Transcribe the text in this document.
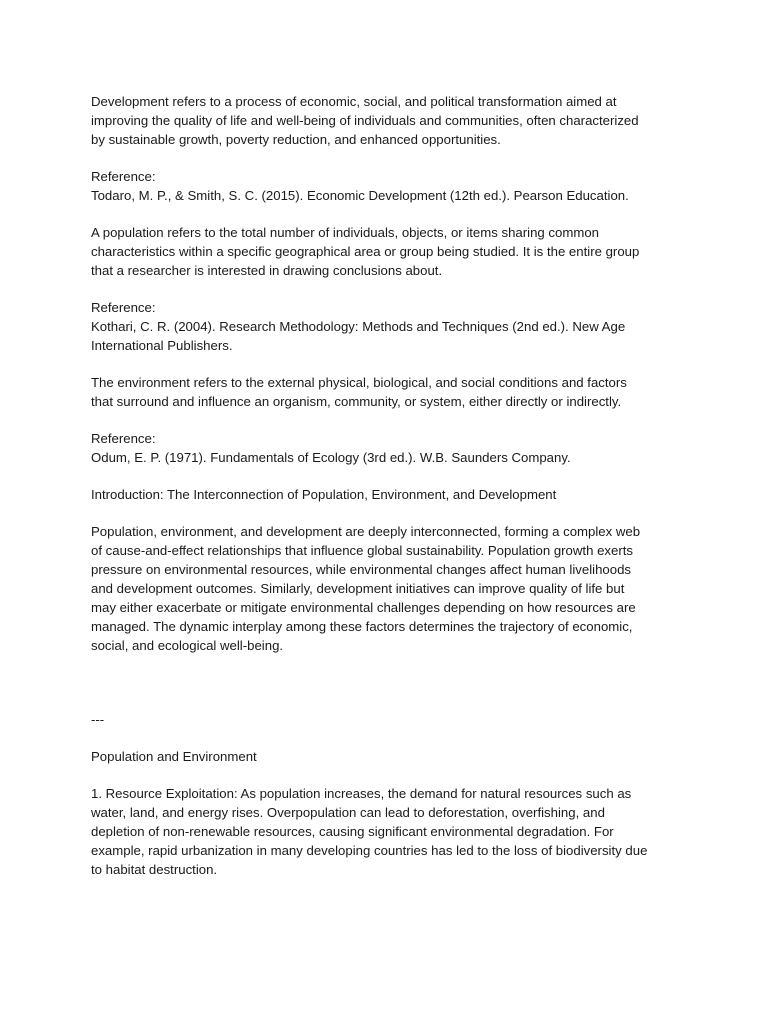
Development refers to a process of economic, social, and political transformation aimed at
improving the quality of life and well-being of individuals and communities, often characterized
by sustainable growth, poverty reduction, and enhanced opportunities.

Reference:
Todaro, M. P., & Smith, S. C. (2015). Economic Development (12th ed.). Pearson Education.

A population refers to the total number of individuals, objects, or items sharing common
characteristics within a specific geographical area or group being studied. It is the entire group
that a researcher is interested in drawing conclusions about.

Reference:
Kothari, C. R. (2004). Research Methodology: Methods and Techniques (2nd ed.). New Age
International Publishers.

The environment refers to the external physical, biological, and social conditions and factors
that surround and influence an organism, community, or system, either directly or indirectly.

Reference:
Odum, E. P. (1971). Fundamentals of Ecology (3rd ed.). W.B. Saunders Company.

Introduction: The Interconnection of Population, Environment, and Development

Population, environment, and development are deeply interconnected, forming a complex web
of cause-and-effect relationships that influence global sustainability. Population growth exerts
pressure on environmental resources, while environmental changes affect human livelihoods
and development outcomes. Similarly, development initiatives can improve quality of life but
may either exacerbate or mitigate environmental challenges depending on how resources are
managed. The dynamic interplay among these factors determines the trajectory of economic,
social, and ecological well-being.

---

Population and Environment

1. Resource Exploitation: As population increases, the demand for natural resources such as
water, land, and energy rises. Overpopulation can lead to deforestation, overfishing, and
depletion of non-renewable resources, causing significant environmental degradation. For
example, rapid urbanization in many developing countries has led to the loss of biodiversity due
to habitat destruction.
